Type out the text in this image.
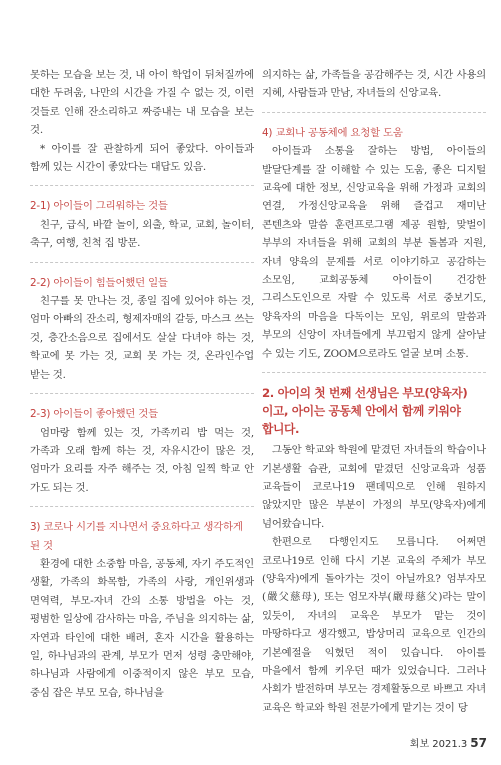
못하는 모습을 보는 것, 내 아이 학업이 뒤처질까에 대한 두려움, 나만의 시간을 가질 수 없는 것, 이런 것들로 인해 잔소리하고 짜증내는 내 모습을 보는 것.

* 아이를 잘 관찰하게 되어 좋았다. 아이들과 함께 있는 시간이 좋았다는 대답도 있음.

2-1) 아이들이 그리워하는 것들

친구, 급식, 바깥 놀이, 외출, 학교, 교회, 놀이터, 축구, 여행, 친척 집 방문.

2-2) 아이들이 힘들어했던 일들

친구를 못 만나는 것, 종일 집에 있어야 하는 것, 엄마 아빠의 잔소리, 형제자매의 갈등, 마스크 쓰는 것, 층간소음으로 집에서도 살살 다녀야 하는 것, 학교에 못 가는 것, 교회 못 가는 것, 온라인수업 받는 것.

2-3) 아이들이 좋아했던 것들

엄마랑 함께 있는 것, 가족끼리 밥 먹는 것, 가족과 오래 함께 하는 것, 자유시간이 많은 것, 엄마가 요리를 자주 해주는 것, 아침 일찍 학교 안 가도 되는 것.

3) 코로나 시기를 지나면서 중요하다고 생각하게 된 것

환경에 대한 소중함 마음, 공동체, 자기 주도적인 생활, 가족의 화목함, 가족의 사랑, 개인위생과 면역력, 부모-자녀 간의 소통 방법을 아는 것, 평범한 일상에 감사하는 마음, 주님을 의지하는 삶, 자연과 타인에 대한 배려, 혼자 시간을 활용하는 일, 하나님과의 관계, 부모가 먼저 성령 충만해야, 하나님과 사람에게 이중적이지 않은 부모 모습, 중심 잡은 부모 모습, 하나님을

의지하는 삶, 가족들을 공감해주는 것, 시간 사용의 지혜, 사람들과 만남, 자녀들의 신앙교육.

4) 교회나 공동체에 요청할 도움

아이들과 소통을 잘하는 방법, 아이들의 발달단계를 잘 이해할 수 있는 도움, 좋은 디지털 교육에 대한 정보, 신앙교육을 위해 가정과 교회의 연결, 가정신앙교육을 위해 즐겁고 재미난 콘텐츠와 말씀 훈련프로그램 제공 원함, 맞벌이 부부의 자녀들을 위해 교회의 부분 돌봄과 지원, 자녀 양육의 문제를 서로 이야기하고 공감하는 소모임, 교회공동체 아이들이 건강한 그리스도인으로 자랄 수 있도록 서로 중보기도, 양육자의 마음을 다독이는 모임, 위로의 말씀과 부모의 신앙이 자녀들에게 부끄럽지 않게 살아날 수 있는 기도, ZOOM으로라도 얼굴 보며 소통.

2. 아이의 첫 번째 선생님은 부모(양육자)이고, 아이는 공동체 안에서 함께 키워야 합니다.

그동안 학교와 학원에 맡겼던 자녀들의 학습이나 기본생활 습관, 교회에 맡겼던 신앙교육과 성품 교육들이 코로나19 팬데믹으로 인해 원하지 않았지만 많은 부분이 가정의 부모(양육자)에게 넘어왔습니다.

한편으로 다행인지도 모릅니다. 어쩌면 코로나19로 인해 다시 기본 교육의 주체가 부모(양육자)에게 돌아가는 것이 아닐까요? 엄부자모(嚴父慈母), 또는 엄모자부(嚴母慈父)라는 말이 있듯이, 자녀의 교육은 부모가 맡는 것이 마땅하다고 생각했고, 밥상머리 교육으로 인간의 기본예절을 익혔던 적이 있습니다. 아이를 마을에서 함께 키우던 때가 있었습니다. 그러나 사회가 발전하며 부모는 경제활동으로 바쁘고 자녀 교육은 학교와 학원 전문가에게 맡기는 것이 당

회보 2021.3 57
